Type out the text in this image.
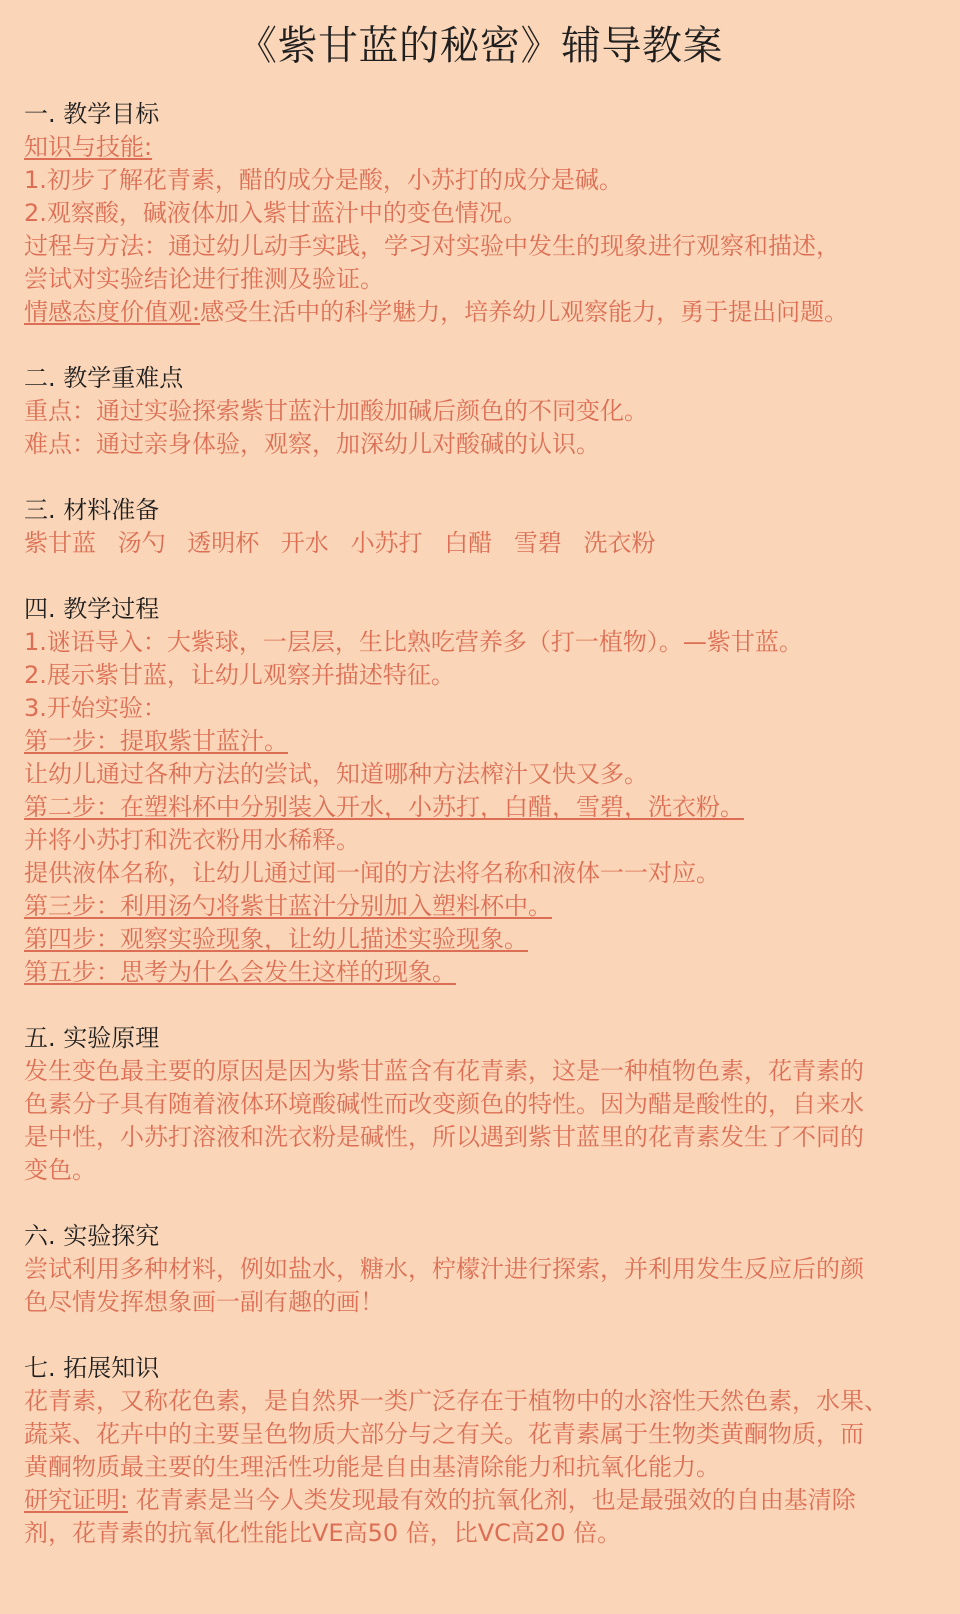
《紫甘蓝的秘密》辅导教案

一. 教学目标

知识与技能:

1.初步了解花青素，醋的成分是酸，小苏打的成分是碱。

2.观察酸，碱液体加入紫甘蓝汁中的变色情况。

过程与方法：通过幼儿动手实践，学习对实验中发生的现象进行观察和描述，

尝试对实验结论进行推测及验证。

情感态度价值观:感受生活中的科学魅力，培养幼儿观察能力，勇于提出问题。

二. 教学重难点

重点：通过实验探索紫甘蓝汁加酸加碱后颜色的不同变化。

难点：通过亲身体验，观察，加深幼儿对酸碱的认识。

三. 材料准备

紫甘蓝 汤勺 透明杯 开水 小苏打 白醋 雪碧 洗衣粉

四. 教学过程

1.谜语导入：大紫球，一层层，生比熟吃营养多（打一植物）。—紫甘蓝。

2.展示紫甘蓝，让幼儿观察并描述特征。

3.开始实验：

第一步：提取紫甘蓝汁。

让幼儿通过各种方法的尝试，知道哪种方法榨汁又快又多。

第二步：在塑料杯中分别装入开水，小苏打，白醋，雪碧，洗衣粉。

并将小苏打和洗衣粉用水稀释。

提供液体名称，让幼儿通过闻一闻的方法将名称和液体一一对应。

第三步：利用汤勺将紫甘蓝汁分别加入塑料杯中。

第四步：观察实验现象，让幼儿描述实验现象。

第五步：思考为什么会发生这样的现象。

五. 实验原理

发生变色最主要的原因是因为紫甘蓝含有花青素，这是一种植物色素，花青素的

色素分子具有随着液体环境酸碱性而改变颜色的特性。因为醋是酸性的，自来水

是中性，小苏打溶液和洗衣粉是碱性，所以遇到紫甘蓝里的花青素发生了不同的

变色。

六. 实验探究

尝试利用多种材料，例如盐水，糖水，柠檬汁进行探索，并利用发生反应后的颜

色尽情发挥想象画一副有趣的画！

七. 拓展知识

花青素，又称花色素，是自然界一类广泛存在于植物中的水溶性天然色素，水果、

蔬菜、花卉中的主要呈色物质大部分与之有关。花青素属于生物类黄酮物质，而

黄酮物质最主要的生理活性功能是自由基清除能力和抗氧化能力。

研究证明: 花青素是当今人类发现最有效的抗氧化剂，也是最强效的自由基清除

剂，花青素的抗氧化性能比VE高50 倍，比VC高20 倍。
